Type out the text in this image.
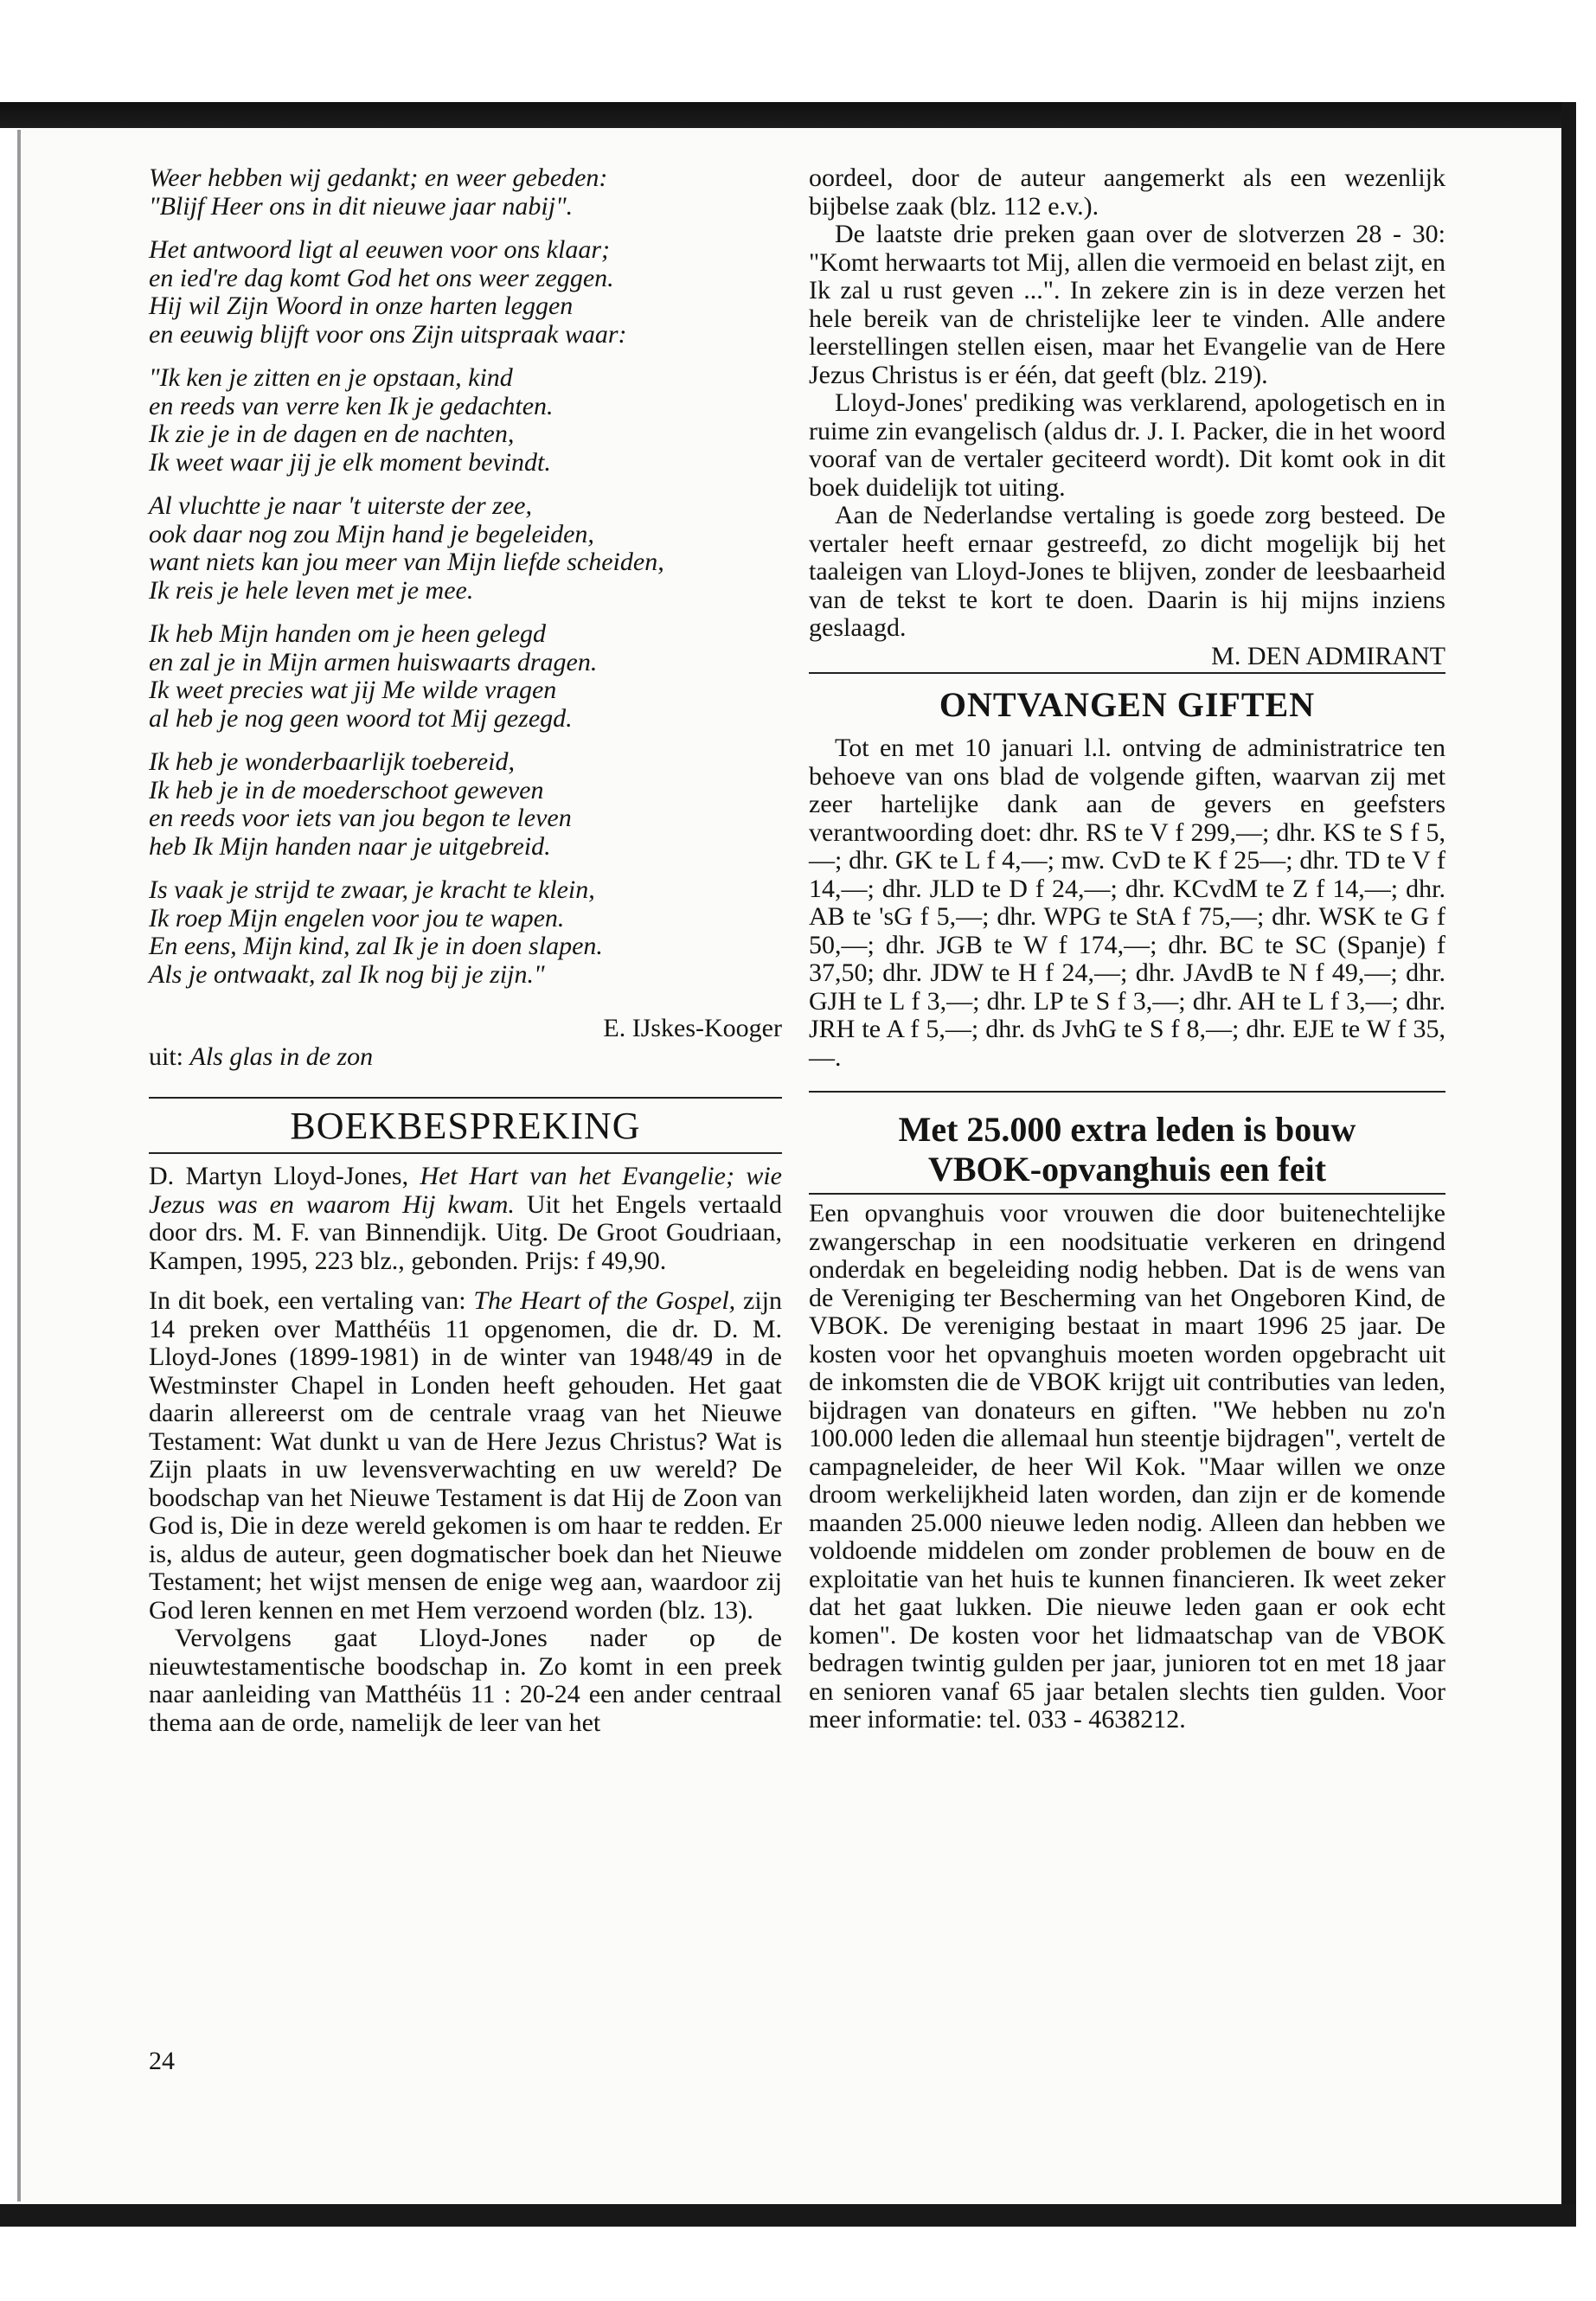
Weer hebben wij gedankt; en weer gebeden:

"Blijf Heer ons in dit nieuwe jaar nabij".

Het antwoord ligt al eeuwen voor ons klaar;

en ied're dag komt God het ons weer zeggen.

Hij wil Zijn Woord in onze harten leggen

en eeuwig blijft voor ons Zijn uitspraak waar:

"Ik ken je zitten en je opstaan, kind

en reeds van verre ken Ik je gedachten.

Ik zie je in de dagen en de nachten,

Ik weet waar jij je elk moment bevindt.

Al vluchtte je naar 't uiterste der zee,

ook daar nog zou Mijn hand je begeleiden,

want niets kan jou meer van Mijn liefde scheiden,

Ik reis je hele leven met je mee.

Ik heb Mijn handen om je heen gelegd

en zal je in Mijn armen huiswaarts dragen.

Ik weet precies wat jij Me wilde vragen

al heb je nog geen woord tot Mij gezegd.

Ik heb je wonderbaarlijk toebereid,

Ik heb je in de moederschoot geweven

en reeds voor iets van jou begon te leven

heb Ik Mijn handen naar je uitgebreid.

Is vaak je strijd te zwaar, je kracht te klein,

Ik roep Mijn engelen voor jou te wapen.

En eens, Mijn kind, zal Ik je in doen slapen.

Als je ontwaakt, zal Ik nog bij je zijn."

E. IJskes-Kooger

uit: Als glas in de zon

BOEKBESPREKING

D. Martyn Lloyd-Jones, Het Hart van het Evangelie; wie Jezus was en waarom Hij kwam. Uit het Engels vertaald door drs. M. F. van Binnendijk. Uitg. De Groot Goudriaan, Kampen, 1995, 223 blz., gebonden. Prijs: f 49,90.

In dit boek, een vertaling van: The Heart of the Gospel, zijn 14 preken over Matthéüs 11 opgenomen, die dr. D. M. Lloyd-Jones (1899-1981) in de winter van 1948/49 in de Westminster Chapel in Londen heeft gehouden. Het gaat daarin allereerst om de centrale vraag van het Nieuwe Testament: Wat dunkt u van de Here Jezus Christus? Wat is Zijn plaats in uw levensverwachting en uw wereld? De boodschap van het Nieuwe Testament is dat Hij de Zoon van God is, Die in deze wereld gekomen is om haar te redden. Er is, aldus de auteur, geen dogmatischer boek dan het Nieuwe Testament; het wijst mensen de enige weg aan, waardoor zij God leren kennen en met Hem verzoend worden (blz. 13).

Vervolgens gaat Lloyd-Jones nader op de nieuwtestamentische boodschap in. Zo komt in een preek naar aanleiding van Matthéüs 11 : 20-24 een ander centraal thema aan de orde, namelijk de leer van het

24

oordeel, door de auteur aangemerkt als een wezenlijk bijbelse zaak (blz. 112 e.v.).

De laatste drie preken gaan over de slotverzen 28 - 30: "Komt herwaarts tot Mij, allen die vermoeid en belast zijt, en Ik zal u rust geven ...". In zekere zin is in deze verzen het hele bereik van de christelijke leer te vinden. Alle andere leerstellingen stellen eisen, maar het Evangelie van de Here Jezus Christus is er één, dat geeft (blz. 219).

Lloyd-Jones' prediking was verklarend, apologetisch en in ruime zin evangelisch (aldus dr. J. I. Packer, die in het woord vooraf van de vertaler geciteerd wordt). Dit komt ook in dit boek duidelijk tot uiting.

Aan de Nederlandse vertaling is goede zorg besteed. De vertaler heeft ernaar gestreefd, zo dicht mogelijk bij het taaleigen van Lloyd-Jones te blijven, zonder de leesbaarheid van de tekst te kort te doen. Daarin is hij mijns inziens geslaagd.

M. DEN ADMIRANT

ONTVANGEN GIFTEN

Tot en met 10 januari l.l. ontving de administratrice ten behoeve van ons blad de volgende giften, waarvan zij met zeer hartelijke dank aan de gevers en geefsters verantwoording doet: dhr. RS te V f 299,—; dhr. KS te S f 5,—; dhr. GK te L f 4,—; mw. CvD te K f 25—; dhr. TD te V f 14,—; dhr. JLD te D f 24,—; dhr. KCvdM te Z f 14,—; dhr. AB te 'sG f 5,—; dhr. WPG te StA f 75,—; dhr. WSK te G f 50,—; dhr. JGB te W f 174,—; dhr. BC te SC (Spanje) f 37,50; dhr. JDW te H f 24,—; dhr. JAvdB te N f 49,—; dhr. GJH te L f 3,—; dhr. LP te S f 3,—; dhr. AH te L f 3,—; dhr. JRH te A f 5,—; dhr. ds JvhG te S f 8,—; dhr. EJE te W f 35,—.

Met 25.000 extra leden is bouw
VBOK-opvanghuis een feit

Een opvanghuis voor vrouwen die door buitenechtelijke zwangerschap in een noodsituatie verkeren en dringend onderdak en begeleiding nodig hebben. Dat is de wens van de Vereniging ter Bescherming van het Ongeboren Kind, de VBOK. De vereniging bestaat in maart 1996 25 jaar. De kosten voor het opvanghuis moeten worden opgebracht uit de inkomsten die de VBOK krijgt uit contributies van leden, bijdragen van donateurs en giften. "We hebben nu zo'n 100.000 leden die allemaal hun steentje bijdragen", vertelt de campagneleider, de heer Wil Kok. "Maar willen we onze droom werkelijkheid laten worden, dan zijn er de komende maanden 25.000 nieuwe leden nodig. Alleen dan hebben we voldoende middelen om zonder problemen de bouw en de exploitatie van het huis te kunnen financieren. Ik weet zeker dat het gaat lukken. Die nieuwe leden gaan er ook echt komen". De kosten voor het lidmaatschap van de VBOK bedragen twintig gulden per jaar, junioren tot en met 18 jaar en senioren vanaf 65 jaar betalen slechts tien gulden. Voor meer informatie: tel. 033 - 4638212.
